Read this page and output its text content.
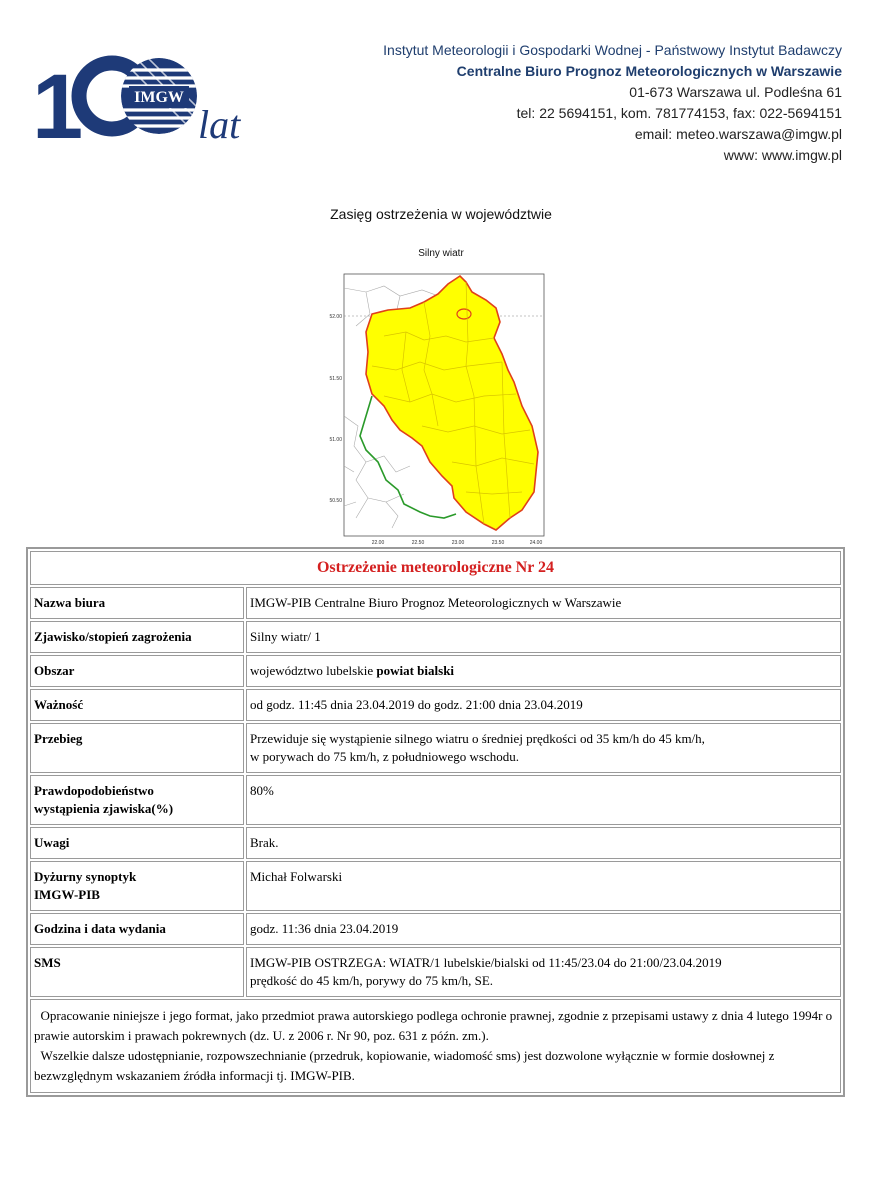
1	IMGW
lat
Instytut Meteorologii i Gospodarki Wodnej - Państwowy Instytut Badawczy
Centralne Biuro Prognoz Meteorologicznych w Warszawie
01-673 Warszawa ul. Podleśna 61
tel: 22 5694151, kom. 781774153, fax: 022-5694151
email: meteo.warszawa@imgw.pl
www: www.imgw.pl
Zasięg ostrzeżenia w województwie
Silny wiatr
52.00
51.50
51.00
50.50
22.00	22.50	23.00	23.50	24.00
Ostrzeżenie meteorologiczne Nr 24	
Nazwa biura	IMGW-PIB Centralne Biuro Prognoz Meteorologicznych w Warszawie
Zjawisko/stopień zagrożenia	Silny wiatr/ 1
Obszar	województwo lubelskie powiat bialski
Ważność	od godz. 11:45 dnia 23.04.2019 do godz. 21:00 dnia 23.04.2019
Przebieg	Przewiduje się wystąpienie silnego wiatru o średniej prędkości od 35 km/h do 45 km/h,
w porywach do 75 km/h, z południowego wschodu.

Prawdopodobieństwo
wystąpienia zjawiska(%)	80%
Uwagi	Brak.

Dyżurny synoptyk
IMGW-PIB	Michał Folwarski
Godzina i data wydania	godz. 11:36 dnia 23.04.2019
SMS	IMGW-PIB OSTRZEGA: WIATR/1 lubelskie/bialski od 11:45/23.04 do 21:00/23.04.2019
prędkość do 45 km/h, porywy do 75 km/h, SE.

Opracowanie niniejsze i jego format, jako przedmiot prawa autorskiego podlega ochronie prawnej, zgodnie z przepisami ustawy z dnia 4 lutego 1994r o prawie autorskim i prawach pokrewnych (dz. U. z 2006 r. Nr 90, poz. 631 z późn. zm.).
Wszelkie dalsze udostępnianie, rozpowszechnianie (przedruk, kopiowanie, wiadomość sms) jest dozwolone wyłącznie w formie dosłownej z bezwzględnym wskazaniem źródła informacji tj. IMGW-PIB.	
